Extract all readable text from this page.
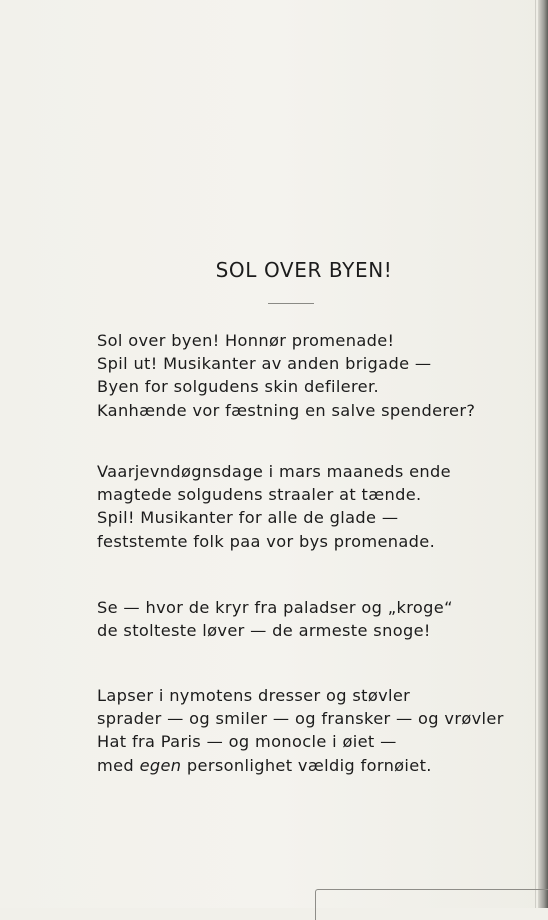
SOL OVER BYEN!
Sol over byen! Honnør promenade!
Spil ut! Musikanter av anden brigade —
Byen for solgudens skin defilerer.
Kanhænde vor fæstning en salve spenderer?
Vaarjevndøgnsdage i mars maaneds ende
magtede solgudens straaler at tænde.
Spil! Musikanter for alle de glade —
feststemte folk paa vor bys promenade.
Se — hvor de kryr fra paladser og „kroge“
de stolteste løver — de armeste snoge!
Lapser i nymotens dresser og støvler
sprader — og smiler — og fransker — og vrøvler
Hat fra Paris — og monocle i øiet —
med egen personlighet vældig fornøiet.
